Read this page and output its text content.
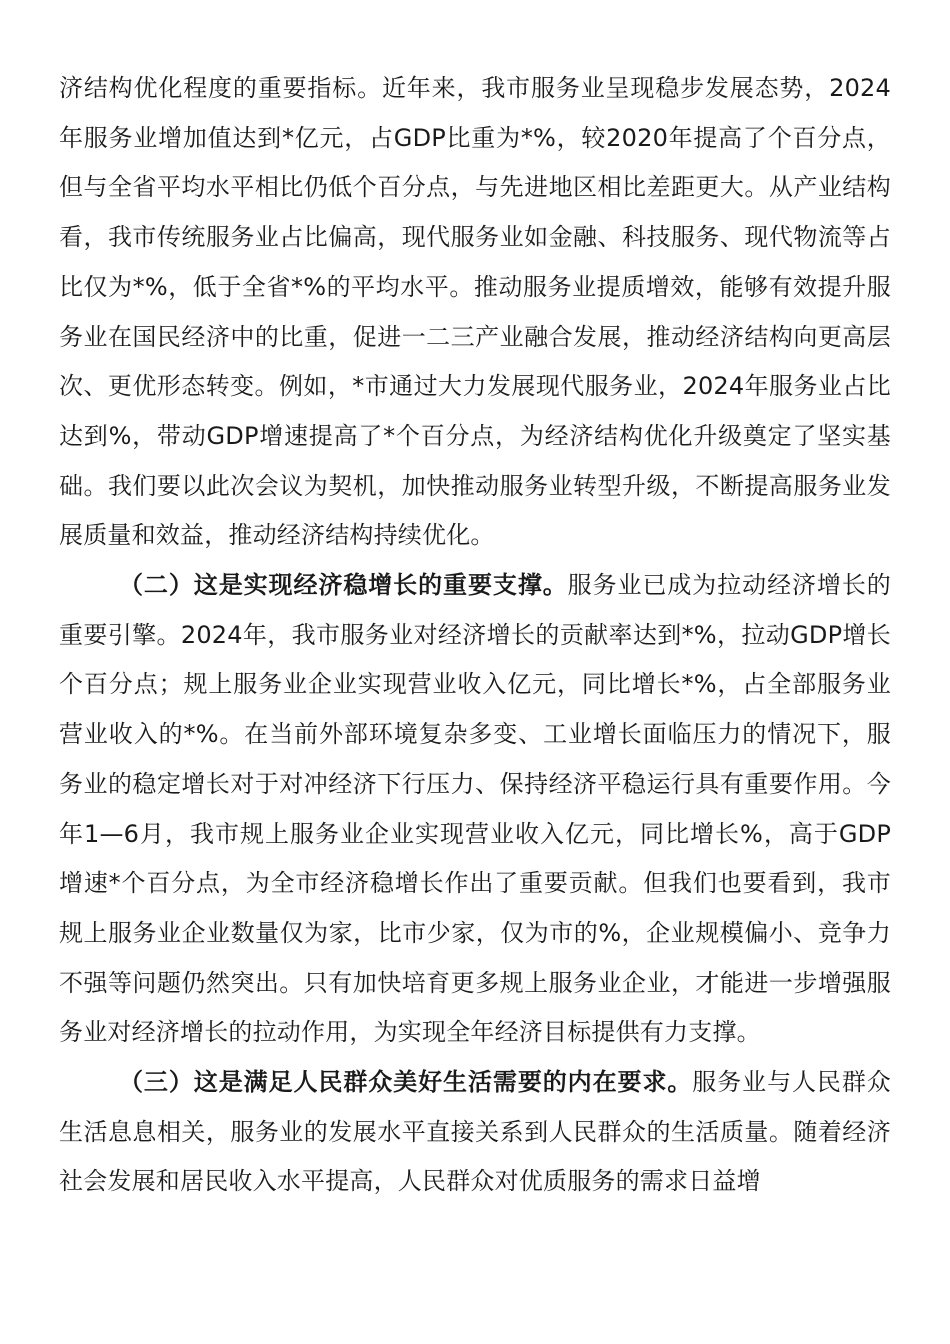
济结构优化程度的重要指标。近年来，我市服务业呈现稳步发展态势，2024年服务业增加值达到*亿元，占GDP比重为*%，较2020年提高了个百分点，但与全省平均水平相比仍低个百分点，与先进地区相比差距更大。从产业结构看，我市传统服务业占比偏高，现代服务业如金融、科技服务、现代物流等占比仅为*%，低于全省*%的平均水平。推动服务业提质增效，能够有效提升服务业在国民经济中的比重，促进一二三产业融合发展，推动经济结构向更高层次、更优形态转变。例如，*市通过大力发展现代服务业，2024年服务业占比达到%，带动GDP增速提高了*个百分点，为经济结构优化升级奠定了坚实基础。我们要以此次会议为契机，加快推动服务业转型升级，不断提高服务业发展质量和效益，推动经济结构持续优化。

（二）这是实现经济稳增长的重要支撑。服务业已成为拉动经济增长的重要引擎。2024年，我市服务业对经济增长的贡献率达到*%，拉动GDP增长个百分点；规上服务业企业实现营业收入亿元，同比增长*%，占全部服务业营业收入的*%。在当前外部环境复杂多变、工业增长面临压力的情况下，服务业的稳定增长对于对冲经济下行压力、保持经济平稳运行具有重要作用。今年1—6月，我市规上服务业企业实现营业收入亿元，同比增长%，高于GDP增速*个百分点，为全市经济稳增长作出了重要贡献。但我们也要看到，我市规上服务业企业数量仅为家，比市少家，仅为市的%，企业规模偏小、竞争力不强等问题仍然突出。只有加快培育更多规上服务业企业，才能进一步增强服务业对经济增长的拉动作用，为实现全年经济目标提供有力支撑。

（三）这是满足人民群众美好生活需要的内在要求。服务业与人民群众生活息息相关，服务业的发展水平直接关系到人民群众的生活质量。随着经济社会发展和居民收入水平提高，人民群众对优质服务的需求日益增
